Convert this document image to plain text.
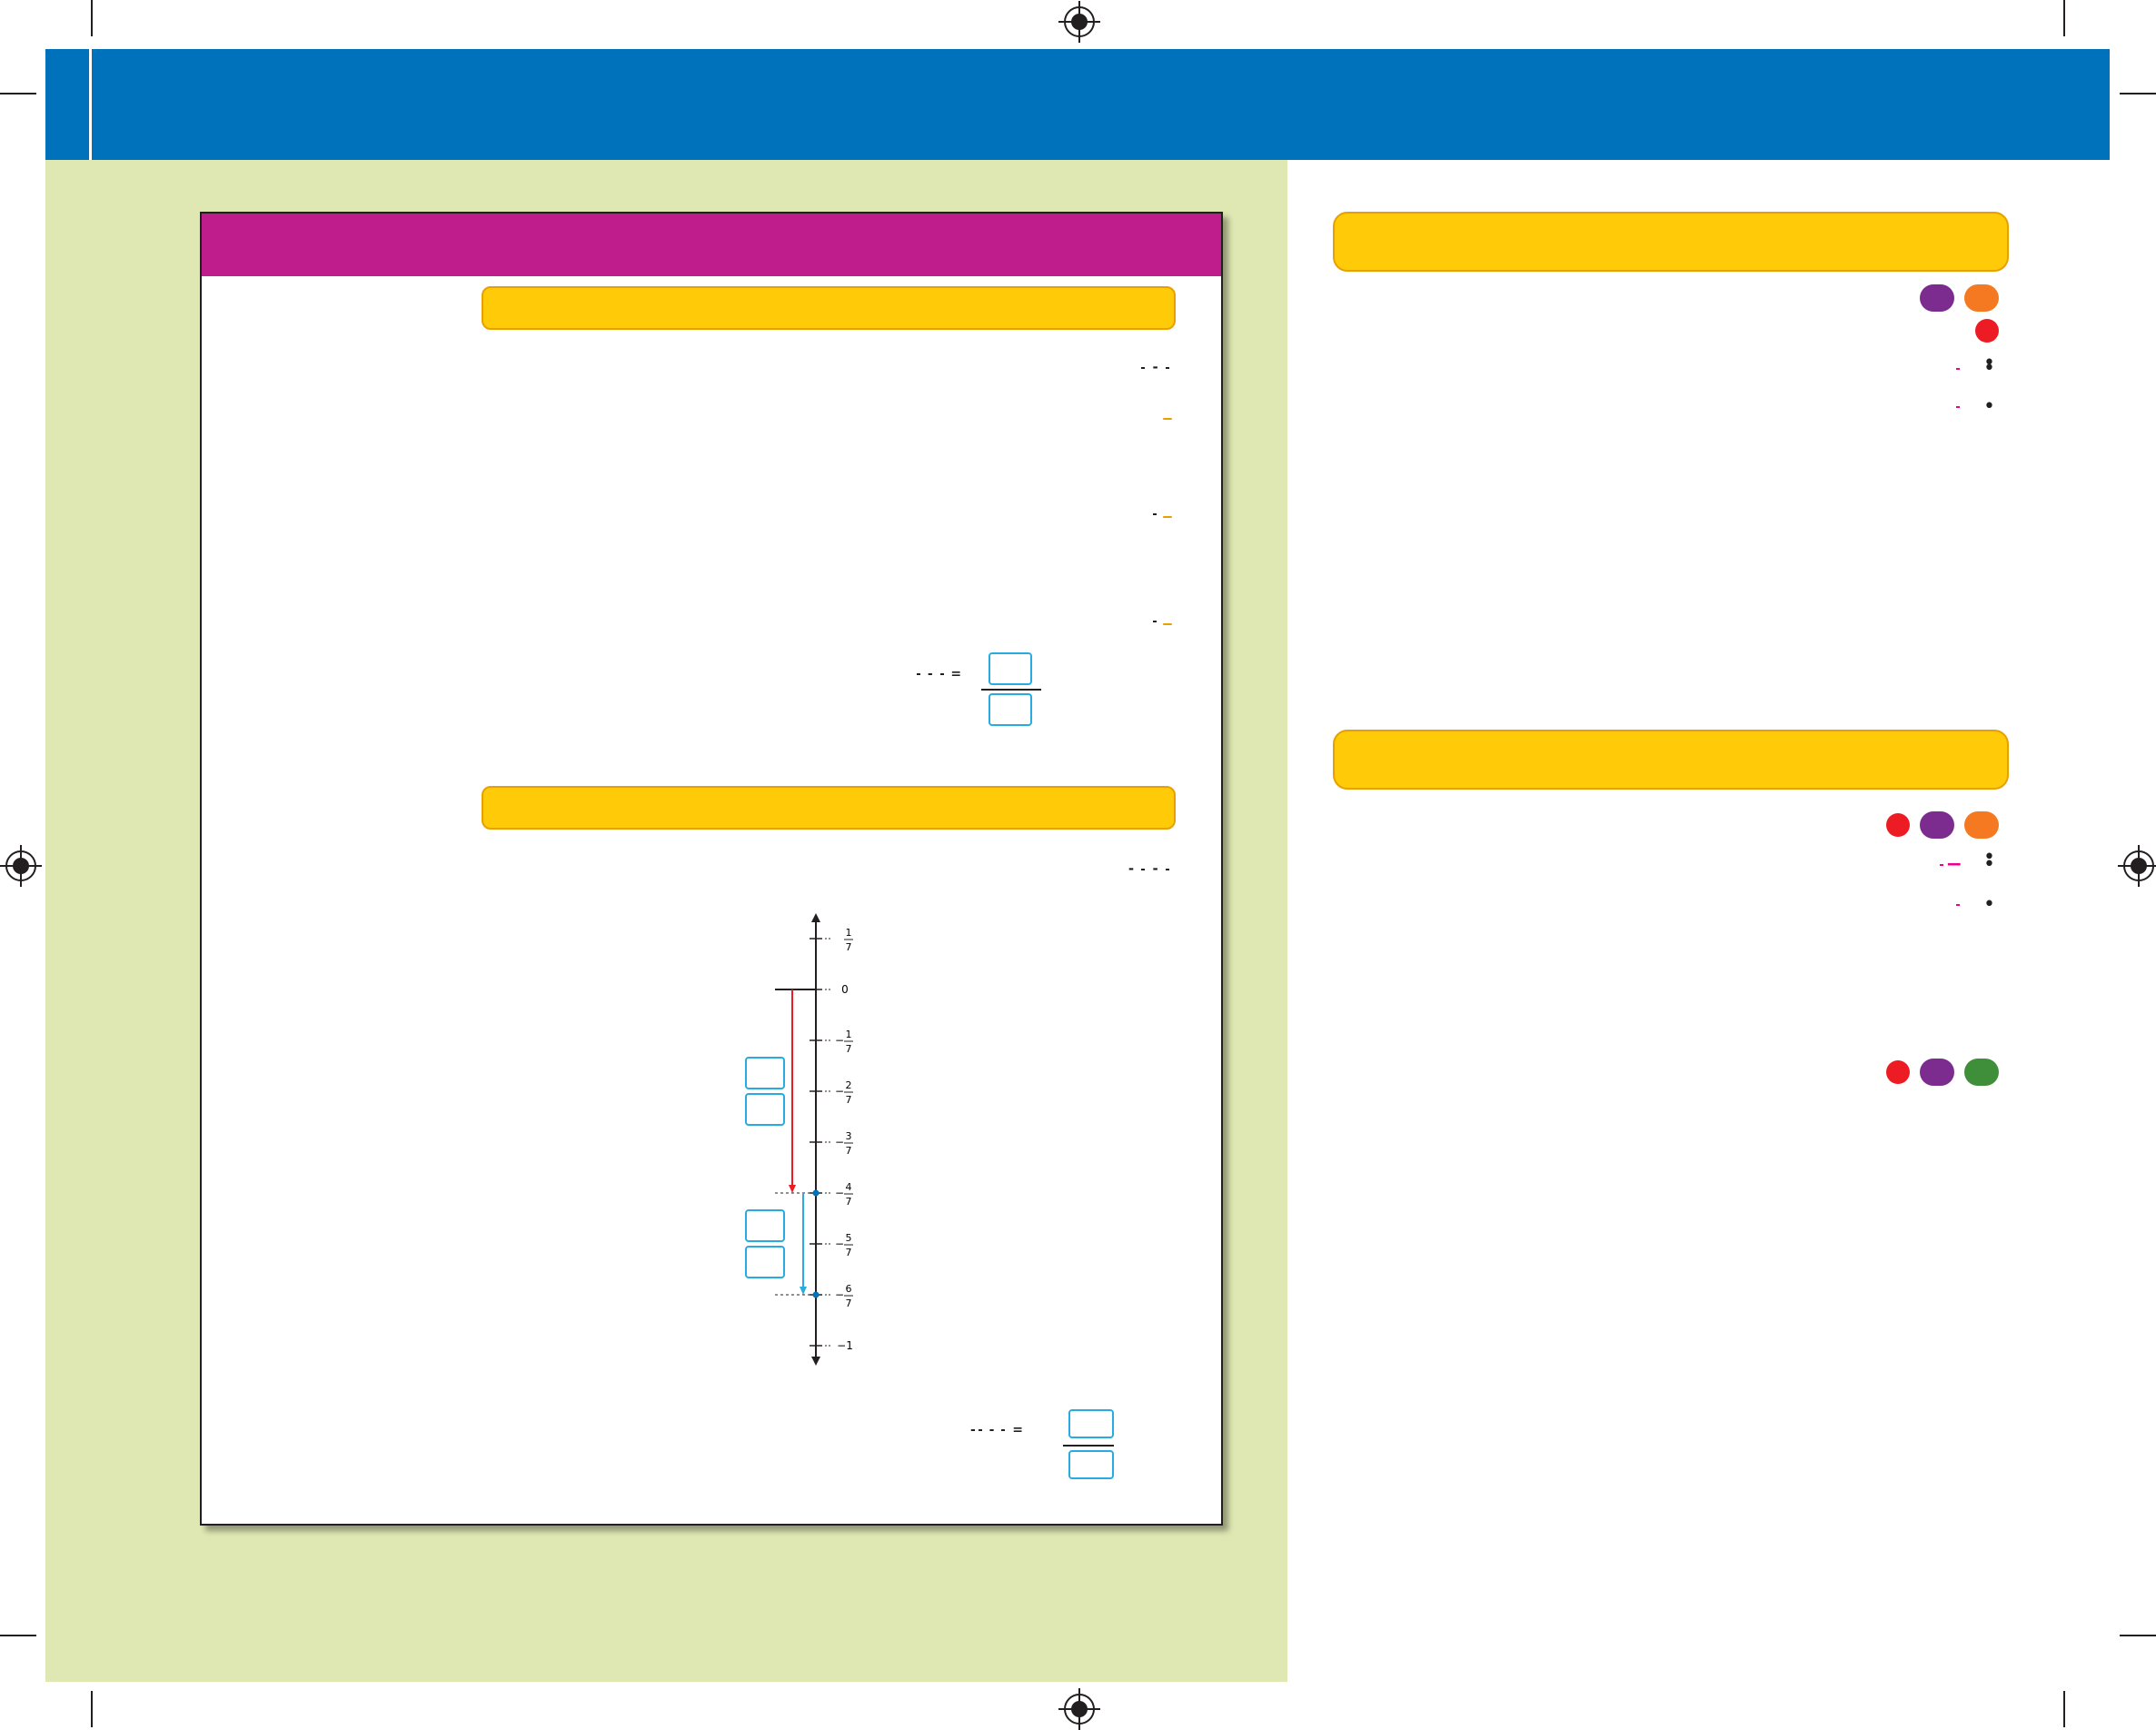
•
•

• −
•

-

-
=
-
-
1
7
0
− 1
7
− 2
7
− 3
7
− 4
7
− 5
7
− 6
7
−1
-
-
=
